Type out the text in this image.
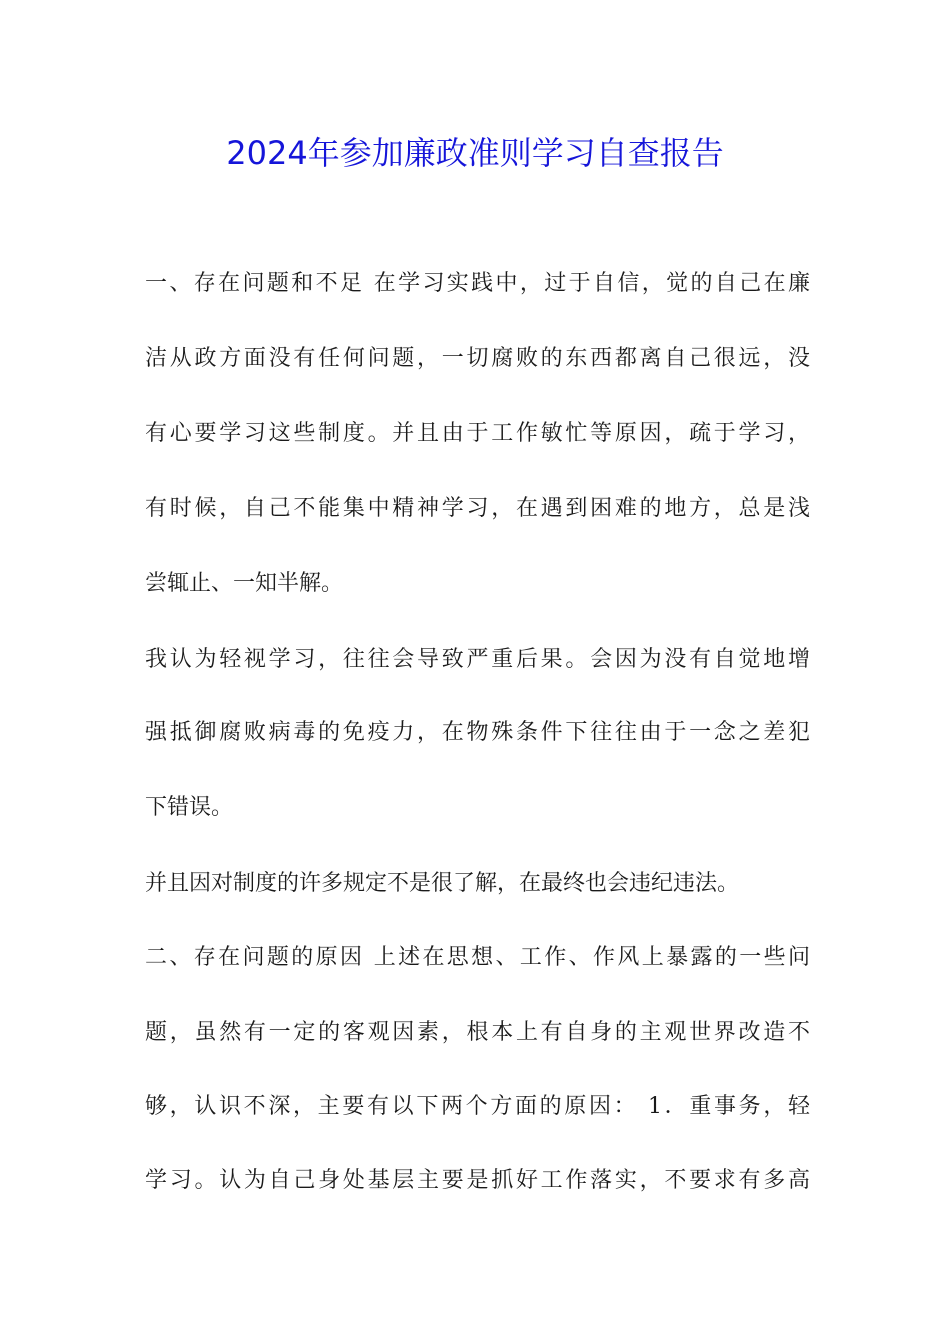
2024年参加廉政准则学习自查报告

一、存在问题和不足 在学习实践中，过于自信，觉的自己在廉

洁从政方面没有任何问题，一切腐败的东西都离自己很远，没

有心要学习这些制度。并且由于工作敏忙等原因，疏于学习，

有时候，自己不能集中精神学习，在遇到困难的地方，总是浅

尝辄止、一知半解。

我认为轻视学习，往往会导致严重后果。会因为没有自觉地增

强抵御腐败病毒的免疫力，在物殊条件下往往由于一念之差犯

下错误。

并且因对制度的许多规定不是很了解，在最终也会违纪违法。

二、存在问题的原因 上述在思想、工作、作风上暴露的一些问

题，虽然有一定的客观因素，根本上有自身的主观世界改造不

够，认识不深，主要有以下两个方面的原因： 1．重事务，轻

学习。认为自己身处基层主要是抓好工作落实，不要求有多高
